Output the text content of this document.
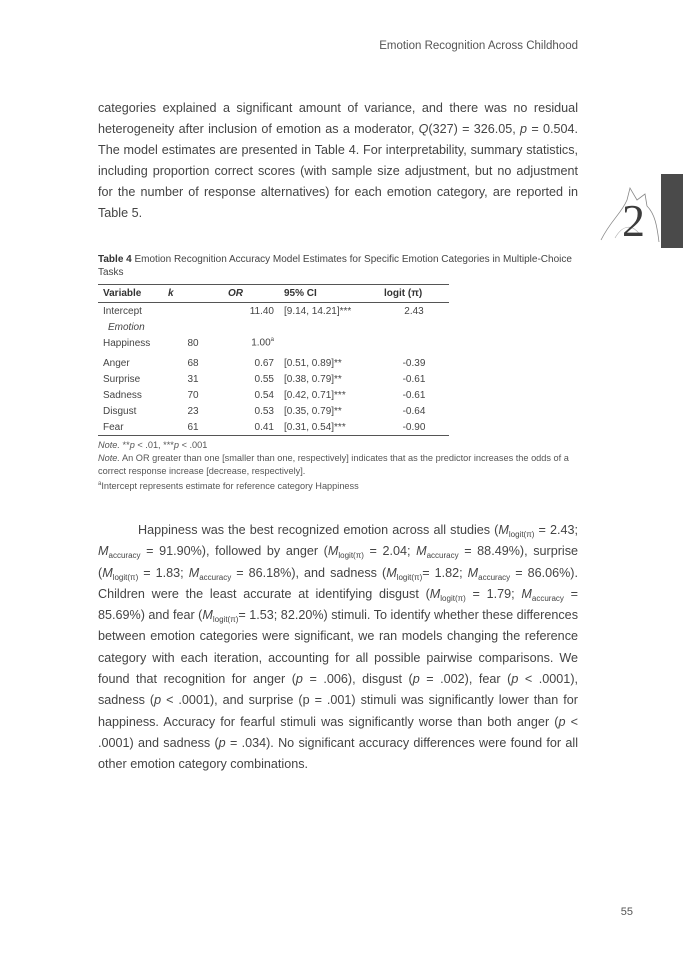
Emotion Recognition Across Childhood
2
categories explained a significant amount of variance, and there was no residual heterogeneity after inclusion of emotion as a moderator, Q(327) = 326.05, p = 0.504. The model estimates are presented in Table 4. For interpretability, summary statistics, including proportion correct scores (with sample size adjustment, but no adjustment for the number of response alternatives) for each emotion category, are reported in Table 5.
Table 4 Emotion Recognition Accuracy Model Estimates for Specific Emotion Categories in Multiple-Choice Tasks
Variable	k	OR	95% CI	logit (π)
Intercept		11.40	[9.14, 14.21]***	2.43
Emotion				
Happiness	80	1.00$^a$		
Anger	68	0.67	[0.51, 0.89]**	-0.39
Surprise	31	0.55	[0.38, 0.79]**	-0.61
Sadness	70	0.54	[0.42, 0.71]***	-0.61
Disgust	23	0.53	[0.35, 0.79]**	-0.64
Fear	61	0.41	[0.31, 0.54]***	-0.90

Note. **p < .01, ***p < .001

Note. An OR greater than one [smaller than one, respectively] indicates that as the predictor increases the odds of a correct response increase [decrease, respectively].

$^a$Intercept represents estimate for reference category Happiness

Happiness was the best recognized emotion across all studies ($M_{logit(\pi)} = 2.43$; $M_{accuracy} = 91.90\%$), followed by anger ($M_{logit(\pi)} = 2.04$; $M_{accuracy} = 88.49\%$), surprise ($M_{logit(\pi)} = 1.83$; $M_{accuracy} = 86.18\%$), and sadness ($M_{logit(\pi)}= 1.82$; $M_{accuracy} = 86.06\%$). Children were the least accurate at identifying disgust ($M_{logit(\pi)} = 1.79$; $M_{accuracy} = 85.69\%$) and fear ($M_{logit(\pi)}= 1.53$; 82.20%) stimuli. To identify whether these differences between emotion categories were significant, we ran models changing the reference category with each iteration, accounting for all possible pairwise comparisons. We found that recognition for anger (p = .006), disgust (p = .002), fear (p < .0001), sadness (p < .0001), and surprise (p = .001) stimuli was significantly lower than for happiness. Accuracy for fearful stimuli was significantly worse than both anger (p < .0001) and sadness (p = .034). No significant accuracy differences were found for all other emotion category combinations.
55
